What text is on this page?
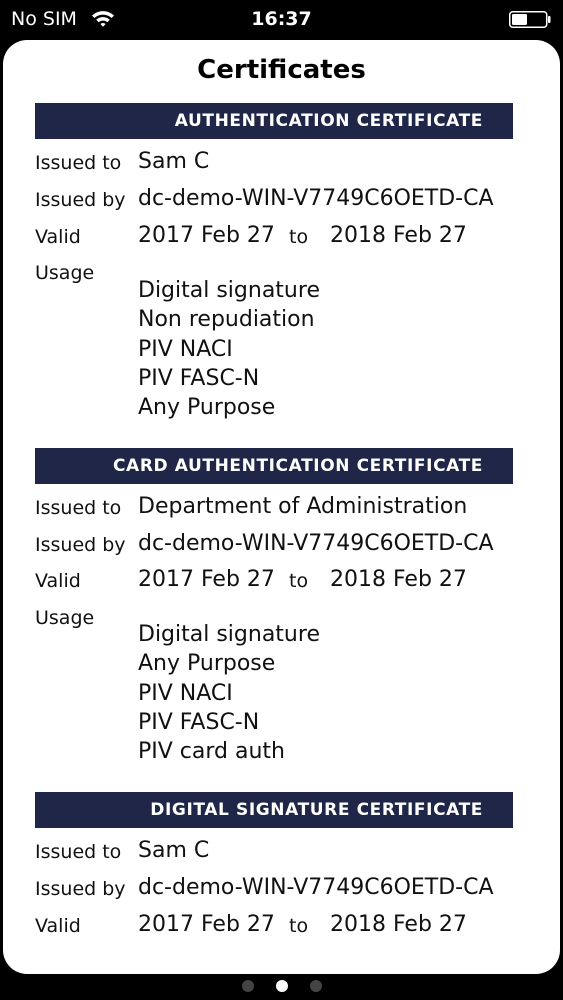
No SIM	16:37
Certificates
AUTHENTICATION CERTIFICATE
Issued to Sam C
Issued by dc-demo-WIN-V7749C6OETD-CA
Valid	2017 Feb 27 to 2018 Feb 27
Usage
Digital signature
Non repudiation
PIV NACI
PIV FASC-N
Any Purpose
CARD AUTHENTICATION CERTIFICATE
Issued to Department of Administration
Issued by dc-demo-WIN-V7749C6OETD-CA
Valid	2017 Feb 27 to 2018 Feb 27
Usage
Digital signature
Any Purpose
PIV NACI
PIV FASC-N
PIV card auth
DIGITAL SIGNATURE CERTIFICATE
Issued to Sam C
Issued by dc-demo-WIN-V7749C6OETD-CA
Valid	2017 Feb 27 to 2018 Feb 27
